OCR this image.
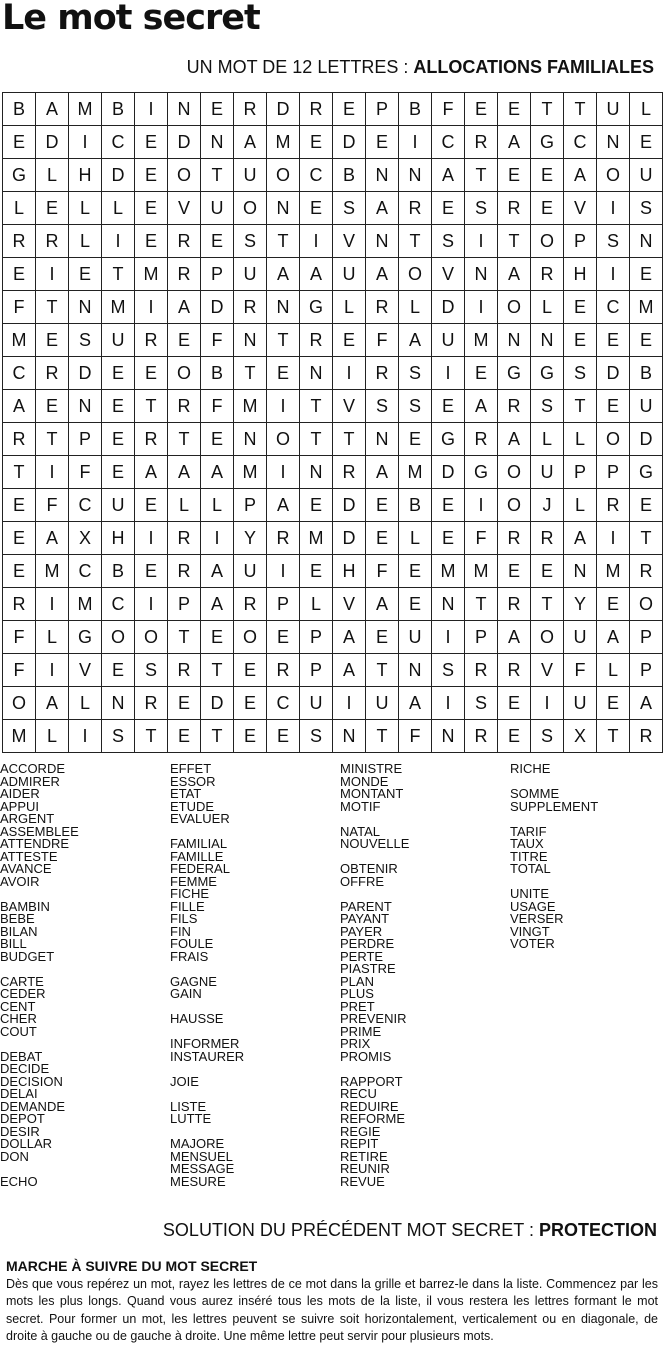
Le mot secret
UN MOT DE 12 LETTRES : ALLOCATIONS FAMILIALES
B	A	M	B	I	N	E	R	D	R	E	P	B	F	E	E	T	T	U	L
E	D	I	C	E	D	N	A	M	E	D	E	I	C	R	A	G	C	N	E
G	L	H	D	E	O	T	U	O	C	B	N	N	A	T	E	E	A	O	U
L	E	L	L	E	V	U	O	N	E	S	A	R	E	S	R	E	V	I	S
R	R	L	I	E	R	E	S	T	I	V	N	T	S	I	T	O	P	S	N
E	I	E	T	M	R	P	U	A	A	U	A	O	V	N	A	R	H	I	E
F	T	N	M	I	A	D	R	N	G	L	R	L	D	I	O	L	E	C	M
M	E	S	U	R	E	F	N	T	R	E	F	A	U	M	N	N	E	E	E
C	R	D	E	E	O	B	T	E	N	I	R	S	I	E	G	G	S	D	B
A	E	N	E	T	R	F	M	I	T	V	S	S	E	A	R	S	T	E	U
R	T	P	E	R	T	E	N	O	T	T	N	E	G	R	A	L	L	O	D
T	I	F	E	A	A	A	M	I	N	R	A	M	D	G	O	U	P	P	G
E	F	C	U	E	L	L	P	A	E	D	E	B	E	I	O	J	L	R	E
E	A	X	H	I	R	I	Y	R	M	D	E	L	E	F	R	R	A	I	T
E	M	C	B	E	R	A	U	I	E	H	F	E	M	M	E	E	N	M	R
R	I	M	C	I	P	A	R	P	L	V	A	E	N	T	R	T	Y	E	O
F	L	G	O	O	T	E	O	E	P	A	E	U	I	P	A	O	U	A	P
F	I	V	E	S	R	T	E	R	P	A	T	N	S	R	R	V	F	L	P
O	A	L	N	R	E	D	E	C	U	I	U	A	I	S	E	I	U	E	A
M	L	I	S	T	E	T	E	E	S	N	T	F	N	R	E	S	X	T	R
ACCORDE
ADMIRER
AIDER
APPUI
ARGENT
ASSEMBLEE
ATTENDRE
ATTESTE
AVANCE
AVOIR
BAMBIN
BEBE
BILAN
BILL
BUDGET
CARTE
CEDER
CENT
CHER
COUT
DEBAT
DECIDE
DECISION
DELAI
DEMANDE
DEPOT
DESIR
DOLLAR
DON
ECHO
EFFET
ESSOR
ETAT
ETUDE
EVALUER
FAMILIAL
FAMILLE
FEDERAL
FEMME
FICHE
FILLE
FILS
FIN
FOULE
FRAIS
GAGNE
GAIN
HAUSSE
INFORMER
INSTAURER
JOIE
LISTE
LUTTE
MAJORE
MENSUEL
MESSAGE
MESURE
MINISTRE
MONDE
MONTANT
MOTIF
NATAL
NOUVELLE
OBTENIR
OFFRE
PARENT
PAYANT
PAYER
PERDRE
PERTE
PIASTRE
PLAN
PLUS
PRET
PREVENIR
PRIME
PRIX
PROMIS
RAPPORT
RECU
REDUIRE
REFORME
REGIE
REPIT
RETIRE
REUNIR
REVUE
RICHE
SOMME
SUPPLEMENT
TARIF
TAUX
TITRE
TOTAL
UNITE
USAGE
VERSER
VINGT
VOTER
SOLUTION DU PRÉCÉDENT MOT SECRET : PROTECTION
MARCHE À SUIVRE DU MOT SECRET
Dès que vous repérez un mot, rayez les lettres de ce mot dans la grille et barrez-le dans la liste. Commencez par les mots les plus longs. Quand vous aurez inséré tous les mots de la liste, il vous restera les lettres formant le mot secret. Pour former un mot, les lettres peuvent se suivre soit horizontalement, verticalement ou en diagonale, de droite à gauche ou de gauche à droite. Une même lettre peut servir pour plusieurs mots.
